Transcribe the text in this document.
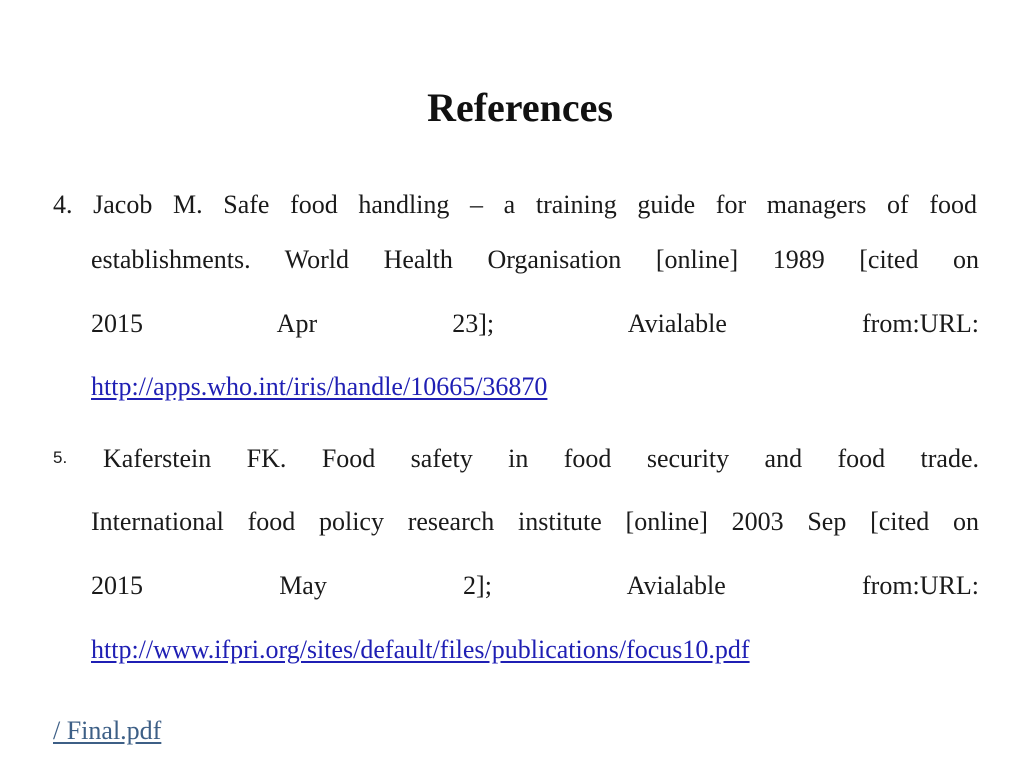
References
4. Jacob M. Safe food handling – a training guide for managers of food
establishments. World Health Organisation [online] 1989 [cited on
2015 Apr 23]; Avialable from:URL:
http://apps.who.int/iris/handle/10665/36870
5. Kaferstein FK. Food safety in food security and food trade.
International food policy research institute [online] 2003 Sep [cited on
2015 May 2]; Avialable from:URL:
http://www.ifpri.org/sites/default/files/publications/focus10.pdf
/ Final.pdf
